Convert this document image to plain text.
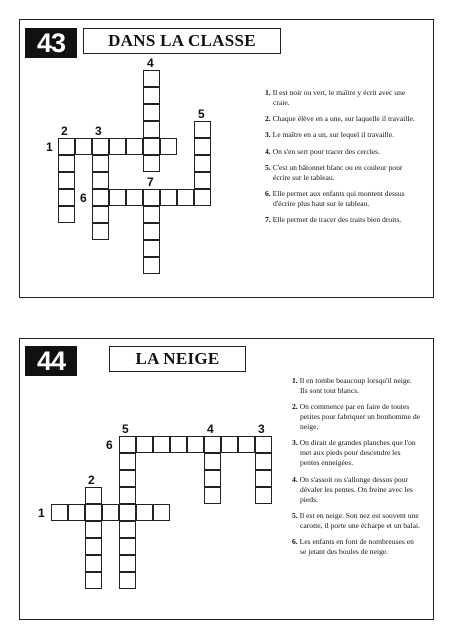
43	DANS LA CLASSE
4
2 3
5
1
7
6
1. Il est noir ou vert, le maître y écrit avec une craie.
2. Chaque élève en a une, sur laquelle il travaille.
3. Le maître en a un, sur lequel il travaille.
4. On s'en sert pour tracer des cercles.
5. C'est un bâtonnet blanc ou en couleur pour écrire sur le tableau.
6. Elle permet aux enfants qui montent dessus d'écrire plus haut sur le tableau.
7. Elle permet de tracer des traits bien droits.
44	LA NEIGE
5	4	3
6
2
1
1. Il en tombe beaucoup lorsqu'il neige. Ils sont tout blancs.
2. On commence par en faire de toutes petites pour fabriquer un bonhomme de neige.
3. On dirait de grandes planches que l'on met aux pieds pour descendre les pentes enneigées.
4. On s'assoit ou s'allonge dessus pour dévaler les pentes. On freine avec les pieds.
5. Il est en neige. Son nez est souvent une carotte, il porte une écharpe et un balai.
6. Les enfants en font de nombreuses en se jetant des boules de neige.
